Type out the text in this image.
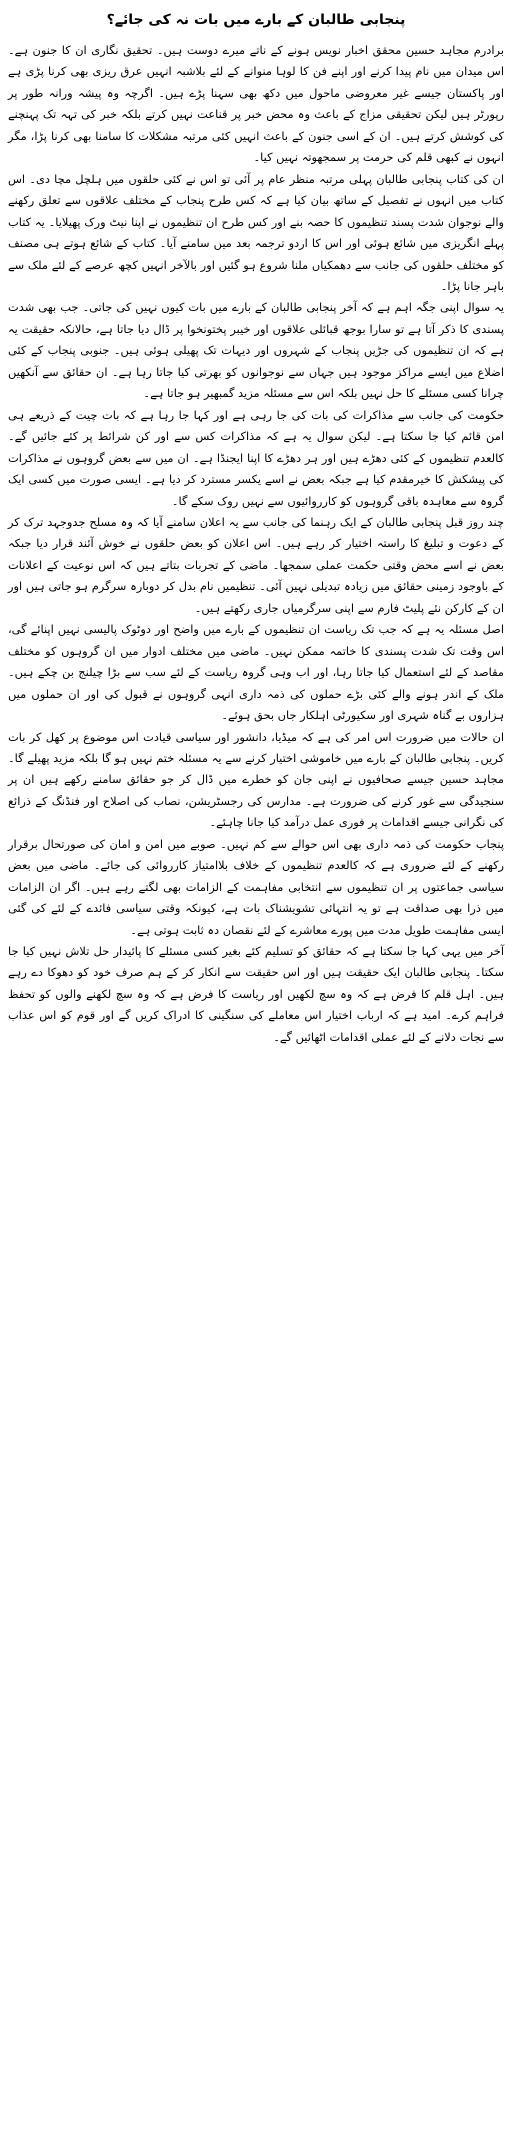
پنجابی طالبان کے بارے میں بات نہ کی جائے؟

برادرم مجاہد حسین محقق اخبار نویس ہونے کے ناتے میرے دوست ہیں۔ تحقیق نگاری ان کا جنون ہے۔ اس میدان میں نام پیدا کرنے اور اپنے فن کا لوہا منوانے کے لئے بلاشبہ انہیں عرق ریزی بھی کرنا پڑی ہے اور پاکستان جیسے غیر معروضی ماحول میں دکھ بھی سہنا پڑے ہیں۔ اگرچہ وہ پیشہ ورانہ طور پر رپورٹر ہیں لیکن تحقیقی مزاج کے باعث وہ محض خبر پر قناعت نہیں کرتے بلکہ خبر کی تہہ تک پہنچنے کی کوشش کرتے ہیں۔ ان کے اسی جنون کے باعث انہیں کئی مرتبہ مشکلات کا سامنا بھی کرنا پڑا، مگر انہوں نے کبھی قلم کی حرمت پر سمجھوتہ نہیں کیا۔

ان کی کتاب پنجابی طالبان پہلی مرتبہ منظر عام پر آئی تو اس نے کئی حلقوں میں ہلچل مچا دی۔ اس کتاب میں انہوں نے تفصیل کے ساتھ بیان کیا ہے کہ کس طرح پنجاب کے مختلف علاقوں سے تعلق رکھنے والے نوجوان شدت پسند تنظیموں کا حصہ بنے اور کس طرح ان تنظیموں نے اپنا نیٹ ورک پھیلایا۔ یہ کتاب پہلے انگریزی میں شائع ہوئی اور اس کا اردو ترجمہ بعد میں سامنے آیا۔ کتاب کے شائع ہوتے ہی مصنف کو مختلف حلقوں کی جانب سے دھمکیاں ملنا شروع ہو گئیں اور بالآخر انہیں کچھ عرصے کے لئے ملک سے باہر جانا پڑا۔

یہ سوال اپنی جگہ اہم ہے کہ آخر پنجابی طالبان کے بارے میں بات کیوں نہیں کی جاتی۔ جب بھی شدت پسندی کا ذکر آتا ہے تو سارا بوجھ قبائلی علاقوں اور خیبر پختونخوا پر ڈال دیا جاتا ہے، حالانکہ حقیقت یہ ہے کہ ان تنظیموں کی جڑیں پنجاب کے شہروں اور دیہات تک پھیلی ہوئی ہیں۔ جنوبی پنجاب کے کئی اضلاع میں ایسے مراکز موجود ہیں جہاں سے نوجوانوں کو بھرتی کیا جاتا رہا ہے۔ ان حقائق سے آنکھیں چرانا کسی مسئلے کا حل نہیں بلکہ اس سے مسئلہ مزید گمبھیر ہو جاتا ہے۔

حکومت کی جانب سے مذاکرات کی بات کی جا رہی ہے اور کہا جا رہا ہے کہ بات چیت کے ذریعے ہی امن قائم کیا جا سکتا ہے۔ لیکن سوال یہ ہے کہ مذاکرات کس سے اور کن شرائط پر کئے جائیں گے۔ کالعدم تنظیموں کے کئی دھڑے ہیں اور ہر دھڑے کا اپنا ایجنڈا ہے۔ ان میں سے بعض گروہوں نے مذاکرات کی پیشکش کا خیرمقدم کیا ہے جبکہ بعض نے اسے یکسر مسترد کر دیا ہے۔ ایسی صورت میں کسی ایک گروہ سے معاہدہ باقی گروہوں کو کارروائیوں سے نہیں روک سکے گا۔

چند روز قبل پنجابی طالبان کے ایک رہنما کی جانب سے یہ اعلان سامنے آیا کہ وہ مسلح جدوجہد ترک کر کے دعوت و تبلیغ کا راستہ اختیار کر رہے ہیں۔ اس اعلان کو بعض حلقوں نے خوش آئند قرار دیا جبکہ بعض نے اسے محض وقتی حکمت عملی سمجھا۔ ماضی کے تجربات بتاتے ہیں کہ اس نوعیت کے اعلانات کے باوجود زمینی حقائق میں زیادہ تبدیلی نہیں آئی۔ تنظیمیں نام بدل کر دوبارہ سرگرم ہو جاتی ہیں اور ان کے کارکن نئے پلیٹ فارم سے اپنی سرگرمیاں جاری رکھتے ہیں۔

اصل مسئلہ یہ ہے کہ جب تک ریاست ان تنظیموں کے بارے میں واضح اور دوٹوک پالیسی نہیں اپنائے گی، اس وقت تک شدت پسندی کا خاتمہ ممکن نہیں۔ ماضی میں مختلف ادوار میں ان گروہوں کو مختلف مقاصد کے لئے استعمال کیا جاتا رہا، اور اب وہی گروہ ریاست کے لئے سب سے بڑا چیلنج بن چکے ہیں۔ ملک کے اندر ہونے والے کئی بڑے حملوں کی ذمہ داری انہی گروہوں نے قبول کی اور ان حملوں میں ہزاروں بے گناہ شہری اور سکیورٹی اہلکار جاں بحق ہوئے۔

ان حالات میں ضرورت اس امر کی ہے کہ میڈیا، دانشور اور سیاسی قیادت اس موضوع پر کھل کر بات کریں۔ پنجابی طالبان کے بارے میں خاموشی اختیار کرنے سے یہ مسئلہ ختم نہیں ہو گا بلکہ مزید پھیلے گا۔ مجاہد حسین جیسے صحافیوں نے اپنی جان کو خطرے میں ڈال کر جو حقائق سامنے رکھے ہیں ان پر سنجیدگی سے غور کرنے کی ضرورت ہے۔ مدارس کی رجسٹریشن، نصاب کی اصلاح اور فنڈنگ کے ذرائع کی نگرانی جیسے اقدامات پر فوری عمل درآمد کیا جانا چاہئے۔

پنجاب حکومت کی ذمہ داری بھی اس حوالے سے کم نہیں۔ صوبے میں امن و امان کی صورتحال برقرار رکھنے کے لئے ضروری ہے کہ کالعدم تنظیموں کے خلاف بلاامتیاز کارروائی کی جائے۔ ماضی میں بعض سیاسی جماعتوں پر ان تنظیموں سے انتخابی مفاہمت کے الزامات بھی لگتے رہے ہیں۔ اگر ان الزامات میں ذرا بھی صداقت ہے تو یہ انتہائی تشویشناک بات ہے، کیونکہ وقتی سیاسی فائدے کے لئے کی گئی ایسی مفاہمت طویل مدت میں پورے معاشرے کے لئے نقصان دہ ثابت ہوتی ہے۔

آخر میں یہی کہا جا سکتا ہے کہ حقائق کو تسلیم کئے بغیر کسی مسئلے کا پائیدار حل تلاش نہیں کیا جا سکتا۔ پنجابی طالبان ایک حقیقت ہیں اور اس حقیقت سے انکار کر کے ہم صرف خود کو دھوکا دے رہے ہیں۔ اہل قلم کا فرض ہے کہ وہ سچ لکھیں اور ریاست کا فرض ہے کہ وہ سچ لکھنے والوں کو تحفظ فراہم کرے۔ امید ہے کہ ارباب اختیار اس معاملے کی سنگینی کا ادراک کریں گے اور قوم کو اس عذاب سے نجات دلانے کے لئے عملی اقدامات اٹھائیں گے۔
